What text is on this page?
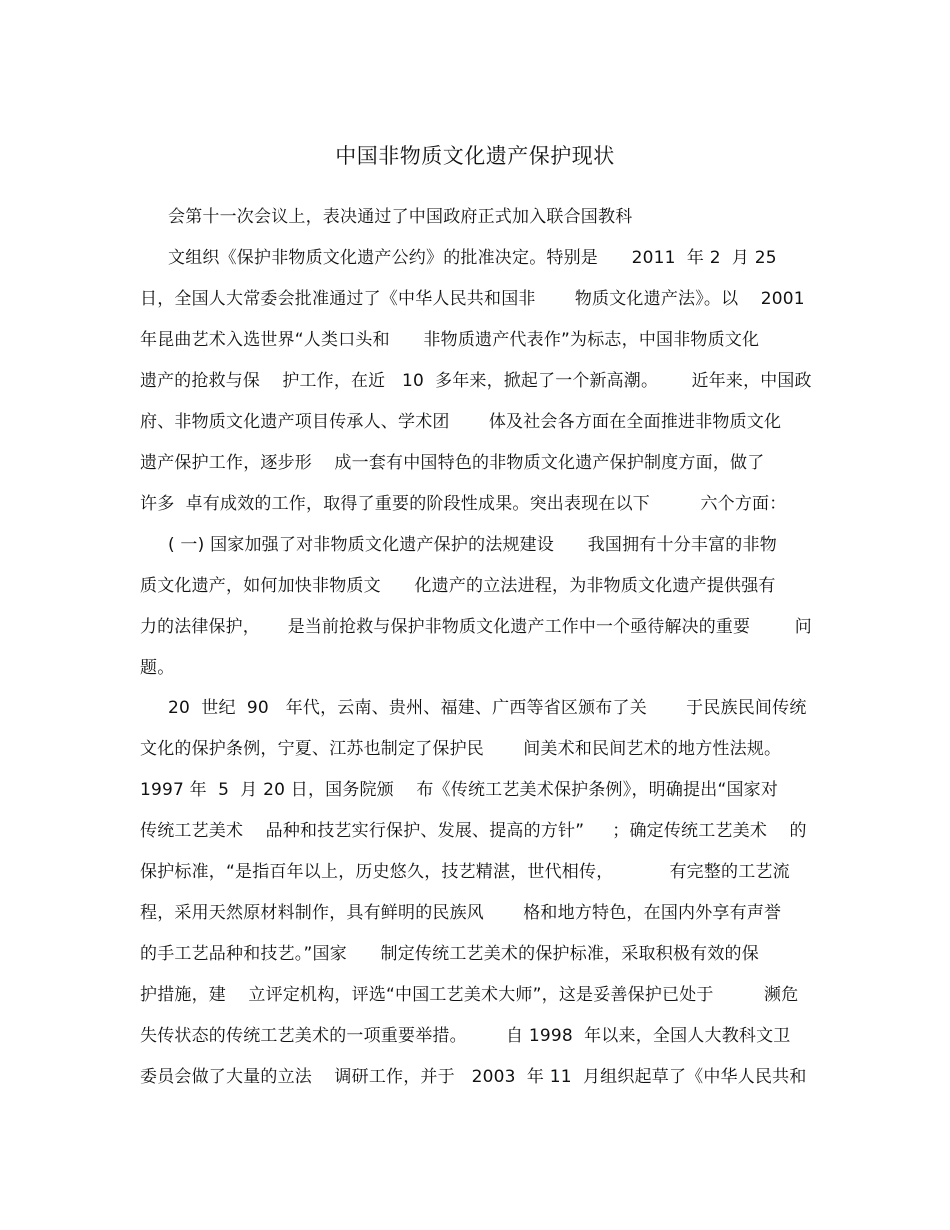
中国非物质文化遗产保护现状
会第十一次会议上，表决通过了中国政府正式加入联合国教科
文组织《保护非物质文化遗产公约》的批准决定。特别是      2011  年 2  月 25
日，全国人大常委会批准通过了《中华人民共和国非       物质文化遗产法》。以    2001
年昆曲艺术入选世界“人类口头和      非物质遗产代表作”为标志，中国非物质文化
遗产的抢救与保    护工作，在近   10  多年来，掀起了一个新高潮。      近年来，中国政
府、非物质文化遗产项目传承人、学术团       体及社会各方面在全面推进非物质文化
遗产保护工作，逐步形    成一套有中国特色的非物质文化遗产保护制度方面，做了
许多  卓有成效的工作，取得了重要的阶段性成果。突出表现在以下         六个方面：
( 一) 国家加强了对非物质文化遗产保护的法规建设      我国拥有十分丰富的非物
质文化遗产，如何加快非物质文      化遗产的立法进程，为非物质文化遗产提供强有
力的法律保护，     是当前抢救与保护非物质文化遗产工作中一个亟待解决的重要        问
题。
20  世纪  90   年代，云南、贵州、福建、广西等省区颁布了关       于民族民间传统
文化的保护条例，宁夏、江苏也制定了保护民       间美术和民间艺术的地方性法规。
1997 年  5  月 20 日，国务院颁    布《传统工艺美术保护条例》，明确提出“国家对
传统工艺美术    品种和技艺实行保护、发展、提高的方针”     ；确定传统工艺美术    的
保护标准，“是指百年以上，历史悠久，技艺精湛，世代相传，          有完整的工艺流
程，采用天然原材料制作，具有鲜明的民族风       格和地方特色，在国内外享有声誉
的手工艺品种和技艺。”国家      制定传统工艺美术的保护标准，采取积极有效的保
护措施，建    立评定机构，评选“中国工艺美术大师”，这是妥善保护已处于         濒危
失传状态的传统工艺美术的一项重要举措。       自 1998  年以来，全国人大教科文卫
委员会做了大量的立法    调研工作，并于   2003  年 11  月组织起草了《中华人民共和
